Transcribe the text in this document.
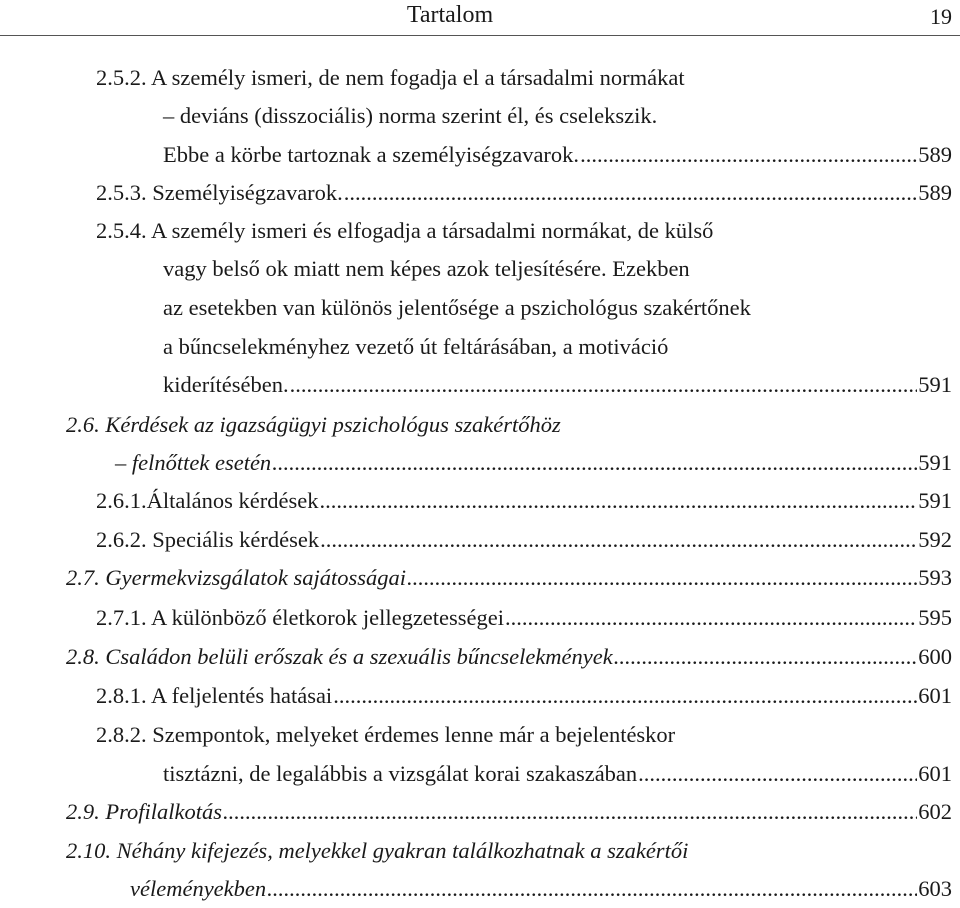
Tartalom	19
2.5.2. A személy ismeri, de nem fogadja el a társadalmi normákat
– deviáns (disszociális) norma szerint él, és cselekszik.
Ebbe a körbe tartoznak a személyiségzavarok. .....	589
2.5.3. Személyiségzavarok. .....	589
2.5.4. A személy ismeri és elfogadja a társadalmi normákat, de külső
vagy belső ok miatt nem képes azok teljesítésére. Ezekben
az esetekben van különös jelentősége a pszichológus szakértőnek
a bűncselekményhez vezető út feltárásában, a motiváció
kiderítésében. .....	591
2.6. Kérdések az igazságügyi pszichológus szakértőhöz
– felnőttek esetén .....	591
2.6.1.Általános kérdések .....	591
2.6.2. Speciális kérdések .....	592
2.7. Gyermekvizsgálatok sajátosságai .....	593
2.7.1. A különböző életkorok jellegzetességei .....	595
2.8. Családon belüli erőszak és a szexuális bűncselekmények .....	600
2.8.1. A feljelentés hatásai .....	601
2.8.2. Szempontok, melyeket érdemes lenne már a bejelentéskor
tisztázni, de legalábbis a vizsgálat korai szakaszában .....	601
2.9. Profilalkotás .....	602
2.10. Néhány kifejezés, melyekkel gyakran találkozhatnak a szakértői
véleményekben .....	603
